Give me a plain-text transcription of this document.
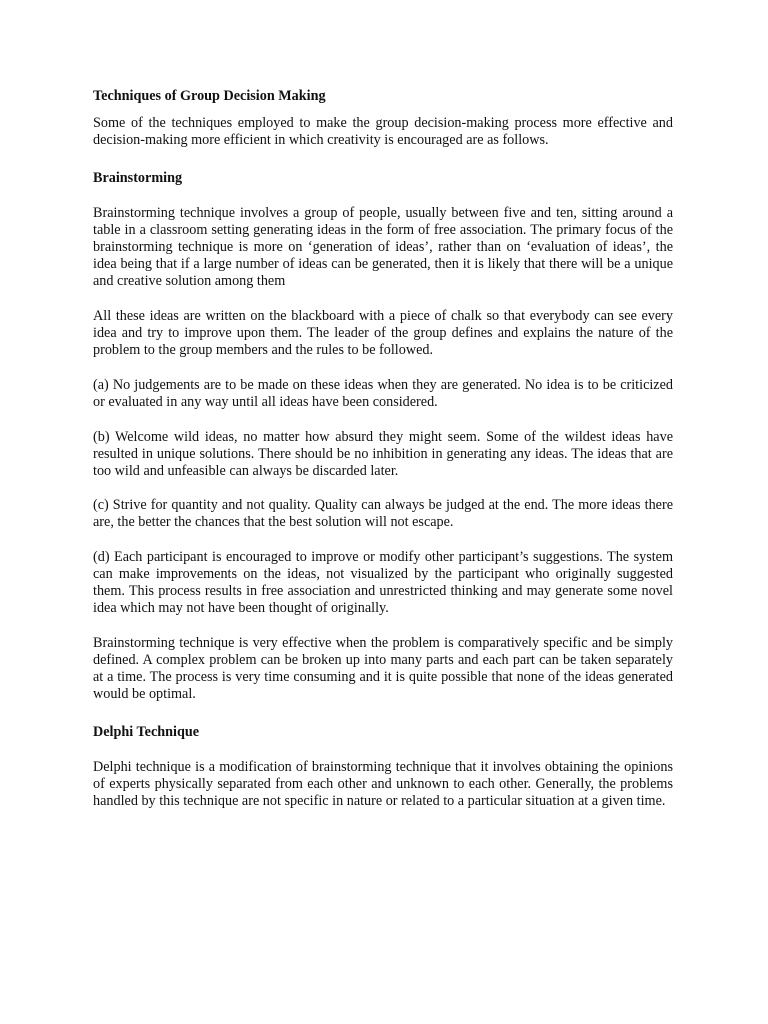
Techniques of Group Decision Making

Some of the techniques employed to make the group decision-making process more effective and decision-making more efficient in which creativity is encouraged are as follows.

Brainstorming

Brainstorming technique involves a group of people, usually between five and ten, sitting around a table in a classroom setting generating ideas in the form of free association. The primary focus of the brainstorming technique is more on ‘generation of ideas’, rather than on ‘evaluation of ideas’, the idea being that if a large number of ideas can be generated, then it is likely that there will be a unique and creative solution among them

All these ideas are written on the blackboard with a piece of chalk so that everybody can see every idea and try to improve upon them. The leader of the group defines and explains the nature of the problem to the group members and the rules to be followed.

(a) No judgements are to be made on these ideas when they are generated. No idea is to be criticized or evaluated in any way until all ideas have been considered.

(b) Welcome wild ideas, no matter how absurd they might seem. Some of the wildest ideas have resulted in unique solutions. There should be no inhibition in generating any ideas. The ideas that are too wild and unfeasible can always be discarded later.

(c) Strive for quantity and not quality. Quality can always be judged at the end. The more ideas there are, the better the chances that the best solution will not escape.

(d) Each participant is encouraged to improve or modify other participant’s suggestions. The system can make improvements on the ideas, not visualized by the participant who originally suggested them. This process results in free association and unrestricted thinking and may generate some novel idea which may not have been thought of originally.

Brainstorming technique is very effective when the problem is comparatively specific and be simply defined. A complex problem can be broken up into many parts and each part can be taken separately at a time. The process is very time consuming and it is quite possible that none of the ideas generated would be optimal.

Delphi Technique

Delphi technique is a modification of brainstorming technique that it involves obtaining the opinions of experts physically separated from each other and unknown to each other. Generally, the problems handled by this technique are not specific in nature or related to a particular situation at a given time.
